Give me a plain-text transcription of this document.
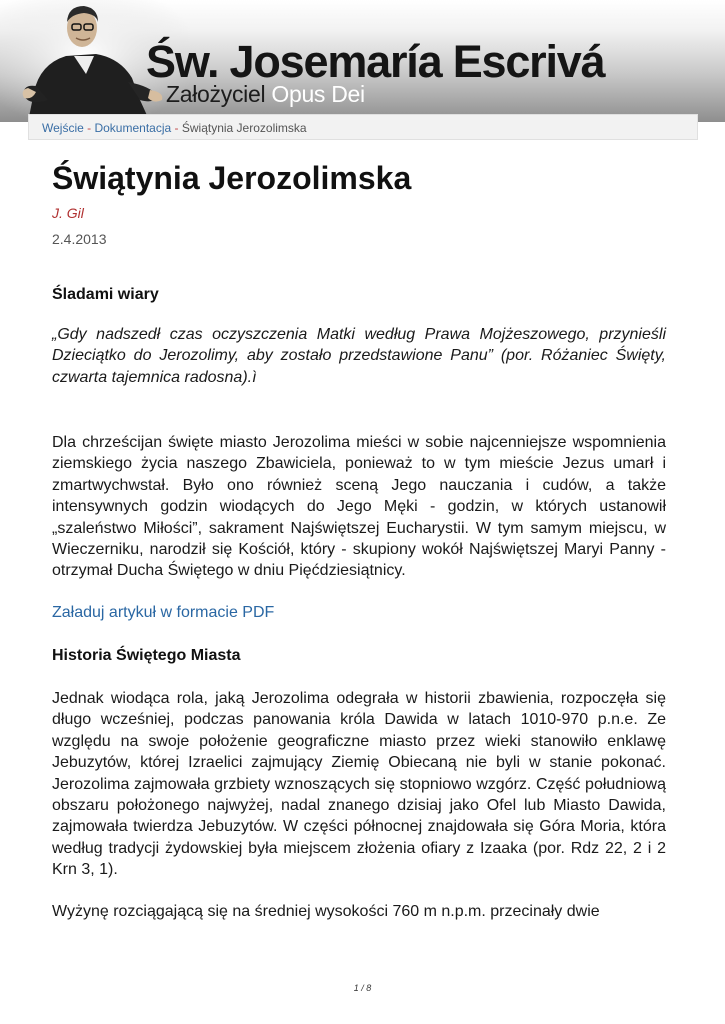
Św. Josemaría Escrivá
Założyciel Opus Dei
Wejście - Dokumentacja - Świątynia Jerozolimska
Świątynia Jerozolimska
J. Gil
2.4.2013
Śladami wiary

„Gdy nadszedł czas oczyszczenia Matki według Prawa Mojżeszowego, przynieśli Dzieciątko do Jerozolimy, aby zostało przedstawione Panu” (por. Różaniec Święty, czwarta tajemnica radosna).ì

Dla chrześcijan święte miasto Jerozolima mieści w sobie najcenniejsze wspomnienia ziemskiego życia naszego Zbawiciela, ponieważ to w tym mieście Jezus umarł i zmartwychwstał. Było ono również sceną Jego nauczania i cudów, a także intensywnych godzin wiodących do Jego Męki - godzin, w których ustanowił „szaleństwo Miłości”, sakrament Najświętszej Eucharystii. W tym samym miejscu, w Wieczerniku, narodził się Kościół, który - skupiony wokół Najświętszej Maryi Panny - otrzymał Ducha Świętego w dniu Pięćdziesiątnicy.

Załaduj artykuł w formacie PDF
Historia Świętego Miasta

Jednak wiodąca rola, jaką Jerozolima odegrała w historii zbawienia, rozpoczęła się długo wcześniej, podczas panowania króla Dawida w latach 1010-970 p.n.e. Ze względu na swoje położenie geograficzne miasto przez wieki stanowiło enklawę Jebuzytów, której Izraelici zajmujący Ziemię Obiecaną nie byli w stanie pokonać. Jerozolima zajmowała grzbiety wznoszących się stopniowo wzgórz. Część południową obszaru położonego najwyżej, nadal znanego dzisiaj jako Ofel lub Miasto Dawida, zajmowała twierdza Jebuzytów. W części północnej znajdowała się Góra Moria, która według tradycji żydowskiej była miejscem złożenia ofiary z Izaaka (por. Rdz 22, 2 i 2 Krn 3, 1).

Wyżynę rozciągającą się na średniej wysokości 760 m n.p.m. przecinały dwie

1 / 8
